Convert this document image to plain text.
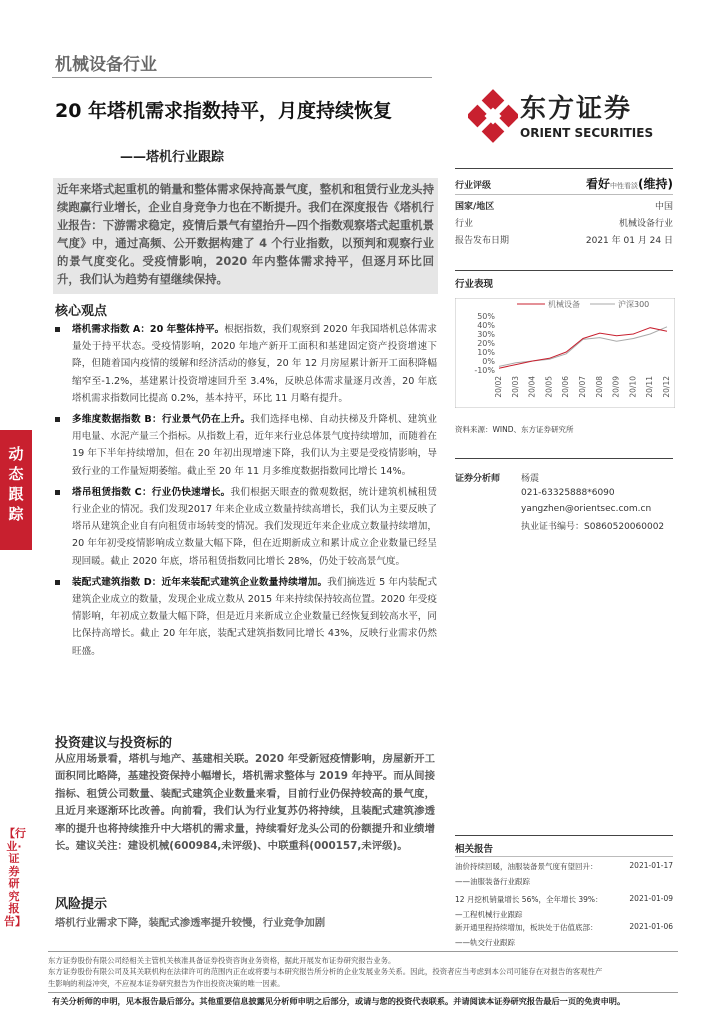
机械设备行业
20 年塔机需求指数持平，月度持续恢复
——塔机行业跟踪
东方证券
ORIENT SECURITIES

近年来塔式起重机的销量和整体需求保持高景气度，整机和租赁行业龙头持续跑赢行业增长，企业自身竞争力也在不断提升。我们在深度报告《塔机行业报告：下游需求稳定，疫情后景气有望抬升—四个指数观察塔式起重机景气度》中，通过高频、公开数据构建了 4 个行业指数，以预判和观察行业的景气度变化。受疫情影响，2020 年内整体需求持平，但逐月环比回升，我们认为趋势有望继续保持。

核心观点
塔机需求指数 A：20 年整体持平。根据指数，我们观察到 2020 年我国塔机总体需求量处于持平状态。受疫情影响，2020 年地产新开工面积和基建固定资产投资增速下降，但随着国内疫情的缓解和经济活动的修复，20 年 12 月房屋累计新开工面积降幅缩窄至-1.2%，基建累计投资增速回升至 3.4%，反映总体需求量逐月改善，20 年底塔机需求指数同比提高 0.2%，基本持平，环比 11 月略有提升。
多维度数据指数 B：行业景气仍在上升。我们选择电梯、自动扶梯及升降机、建筑业用电量、水泥产量三个指标。从指数上看，近年来行业总体景气度持续增加，而随着在 19 年下半年持续增加，但在 20 年初出现增速下降，我们认为主要是受疫情影响，导致行业的工作量短期萎缩。截止至 20 年 11 月多维度数据指数同比增长 14%。
塔吊租赁指数 C：行业仍快速增长。我们根据天眼查的微观数据，统计建筑机械租赁行业企业的情况。我们发现2017 年来企业成立数量持续高增长，我们认为主要反映了塔吊从建筑企业自有向租赁市场转变的情况。我们发现近年来企业成立数量持续增加，20 年年初受疫情影响成立数量大幅下降，但在近期新成立和累计成立企业数量已经呈现回暖。截止 2020 年底，塔吊租赁指数同比增长 28%，仍处于较高景气度。
装配式建筑指数 D：近年来装配式建筑企业数量持续增加。我们摘选近 5 年内装配式建筑企业成立的数量，发现企业成立数从 2015 年来持续保持较高位置。2020 年受疫情影响，年初成立数量大幅下降，但是近月来新成立企业数量已经恢复到较高水平，同比保持高增长。截止 20 年年底，装配式建筑指数同比增长 43%，反映行业需求仍然旺盛。
投资建议与投资标的
从应用场景看，塔机与地产、基建相关联。2020 年受新冠疫情影响，房屋新开工面积同比略降，基建投资保持小幅增长，塔机需求整体与 2019 年持平。而从间接指标、租赁公司数量、装配式建筑企业数量来看，目前行业仍保持较高的景气度，且近月来逐渐环比改善。向前看，我们认为行业复苏仍将持续，且装配式建筑渗透率的提升也将持续推升中大塔机的需求量，持续看好龙头公司的份额提升和业绩增长。建议关注：建设机械(600984,未评级)、中联重科(000157,未评级)。
风险提示
塔机行业需求下降，装配式渗透率提升较慢，行业竞争加剧
动态跟踪
【行业·证券研究报告】
行业评级	看好中性看淡(维持)
国家/地区	中国
行业	机械设备行业
报告发布日期	2021 年 01 月 24 日
行业表现
机械设备	沪深300
50%
40%
30%
20%
10%
0%
-10%
20/02 20/03 20/04 20/05 20/06 20/07 20/08 20/09 20/10 20/11 20/12
资料来源：WIND、东方证券研究所
证券分析师 杨震
021-63325888*6090
yangzhen@orientsec.com.cn
执业证书编号：S0860520060002
相关报告
油价持续回暖，油服装备景气度有望回升：	2021-01-17
——油服装备行业跟踪
12 月挖机销量增长 56%，全年增长 39%：	2021-01-09
—工程机械行业跟踪
新开通里程持续增加，板块处于估值底部：	2021-01-06
——轨交行业跟踪
东方证券股份有限公司经相关主管机关核准具备证券投资咨询业务资格，据此开展发布证券研究报告业务。
东方证券股份有限公司及其关联机构在法律许可的范围内正在或将要与本研究报告所分析的企业发展业务关系。因此，投资者应当考虑到本公司可能存在对报告的客观性产
生影响的利益冲突，不应视本证券研究报告为作出投资决策的唯一因素。
有关分析师的申明，见本报告最后部分。其他重要信息披露见分析师申明之后部分，或请与您的投资代表联系。并请阅读本证券研究报告最后一页的免责申明。
